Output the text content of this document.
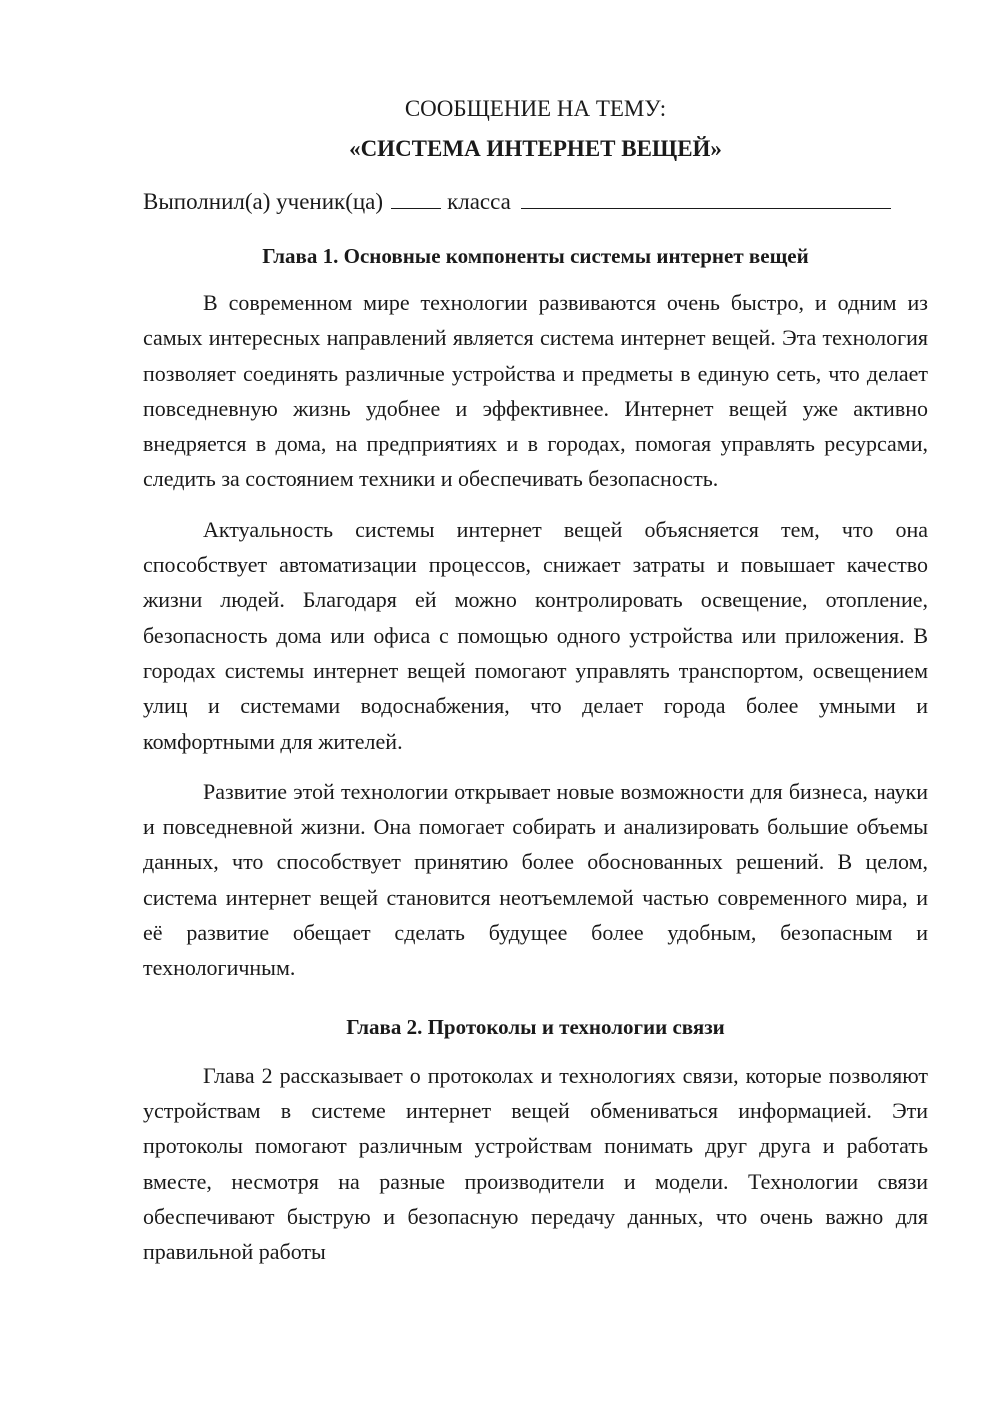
СООБЩЕНИЕ НА ТЕМУ:

«СИСТЕМА ИНТЕРНЕТ ВЕЩЕЙ»

Выполнил(а) ученик(ца)	класса
Глава 1. Основные компоненты системы интернет вещей

В современном мире технологии развиваются очень быстро, и одним из самых интересных направлений является система интернет вещей. Эта технология позволяет соединять различные устройства и предметы в единую сеть, что делает повседневную жизнь удобнее и эффективнее. Интернет вещей уже активно внедряется в дома, на предприятиях и в городах, помогая управлять ресурсами, следить за состоянием техники и обеспечивать безопасность.

Актуальность системы интернет вещей объясняется тем, что она способствует автоматизации процессов, снижает затраты и повышает качество жизни людей. Благодаря ей можно контролировать освещение, отопление, безопасность дома или офиса с помощью одного устройства или приложения. В городах системы интернет вещей помогают управлять транспортом, освещением улиц и системами водоснабжения, что делает города более умными и комфортными для жителей.

Развитие этой технологии открывает новые возможности для бизнеса, науки и повседневной жизни. Она помогает собирать и анализировать большие объемы данных, что способствует принятию более обоснованных решений. В целом, система интернет вещей становится неотъемлемой частью современного мира, и её развитие обещает сделать будущее более удобным, безопасным и технологичным.

Глава 2. Протоколы и технологии связи

Глава 2 рассказывает о протоколах и технологиях связи, которые позволяют устройствам в системе интернет вещей обмениваться информацией. Эти протоколы помогают различным устройствам понимать друг друга и работать вместе, несмотря на разные производители и модели. Технологии связи обеспечивают быструю и безопасную передачу данных, что очень важно для правильной работы
